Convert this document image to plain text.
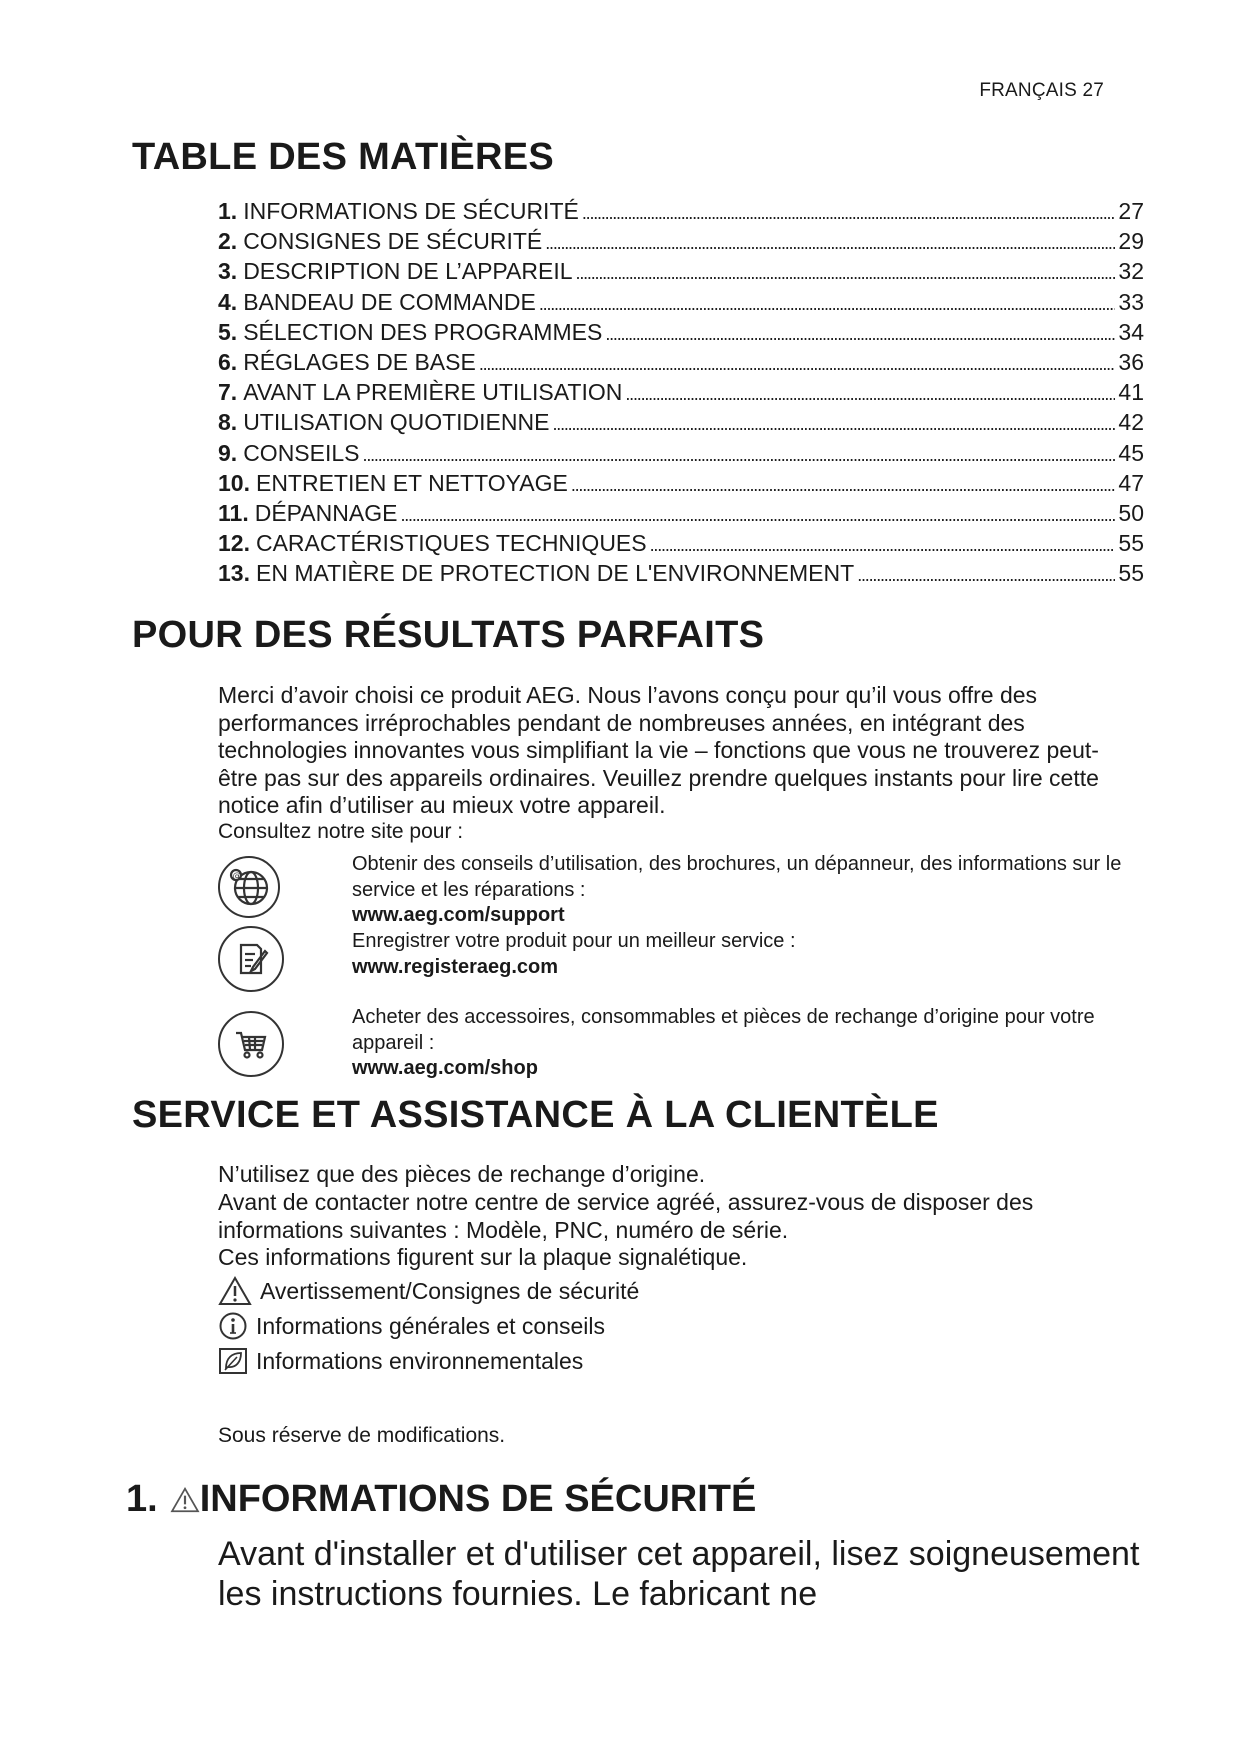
FRANÇAIS 27
TABLE DES MATIÈRES
1. INFORMATIONS DE SÉCURITÉ . . .	27
2. CONSIGNES DE SÉCURITÉ . . .	29
3. DESCRIPTION DE L’APPAREIL . . .	32
4. BANDEAU DE COMMANDE . . .	33
5. SÉLECTION DES PROGRAMMES . . .	34
6. RÉGLAGES DE BASE . . .	36
7. AVANT LA PREMIÈRE UTILISATION . . .	41
8. UTILISATION QUOTIDIENNE . . .	42
9. CONSEILS . . .	45
10. ENTRETIEN ET NETTOYAGE . . .	47
11. DÉPANNAGE . . .	50
12. CARACTÉRISTIQUES TECHNIQUES . . .	55
13. EN MATIÈRE DE PROTECTION DE L'ENVIRONNEMENT . . .	55
POUR DES RÉSULTATS PARFAITS
Merci d’avoir choisi ce produit AEG. Nous l’avons conçu pour qu’il vous offre des performances irréprochables pendant de nombreuses années, en intégrant des technologies innovantes vous simplifiant la vie – fonctions que vous ne trouverez peut-être pas sur des appareils ordinaires. Veuillez prendre quelques instants pour lire cette notice afin d’utiliser au mieux votre appareil.
Consultez notre site pour :
@
Obtenir des conseils d’utilisation, des brochures, un dépanneur, des informations sur le service et les réparations :
www.aeg.com/support
Enregistrer votre produit pour un meilleur service :
www.registeraeg.com
Acheter des accessoires, consommables et pièces de rechange d’origine pour votre appareil :
www.aeg.com/shop
SERVICE ET ASSISTANCE À LA CLIENTÈLE
N’utilisez que des pièces de rechange d’origine.
Avant de contacter notre centre de service agréé, assurez-vous de disposer des informations suivantes : Modèle, PNC, numéro de série.
Ces informations figurent sur la plaque signalétique.
Avertissement/Consignes de sécurité
Informations générales et conseils
Informations environnementales
Sous réserve de modifications.
1. INFORMATIONS DE SÉCURITÉ
Avant d'installer et d'utiliser cet appareil, lisez soigneusement les instructions fournies. Le fabricant ne
